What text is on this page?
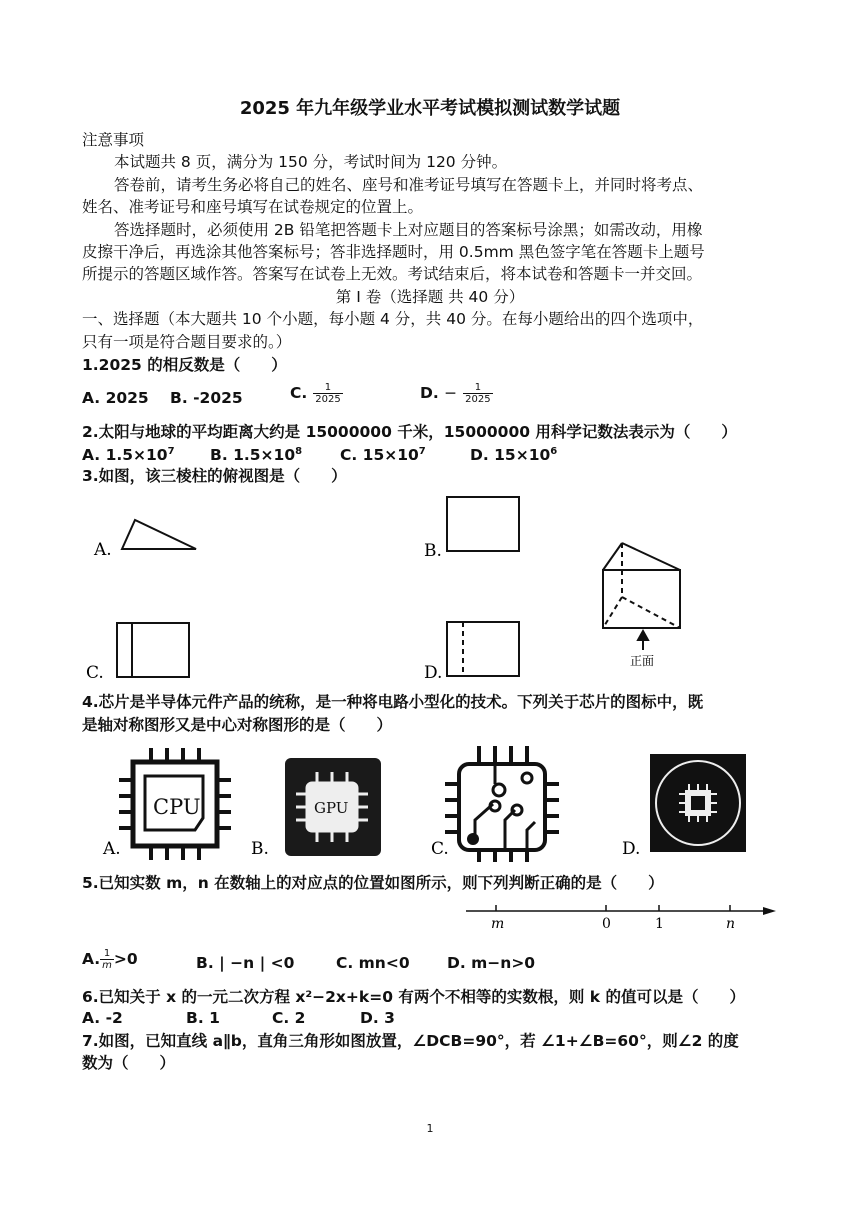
2025 年九年级学业水平考试模拟测试数学试题
注意事项
本试题共 8 页，满分为 150 分，考试时间为 120 分钟。
答卷前，请考生务必将自己的姓名、座号和准考证号填写在答题卡上，并同时将考点、
姓名、准考证号和座号填写在试卷规定的位置上。
答选择题时，必须使用 2B 铅笔把答题卡上对应题目的答案标号涂黑；如需改动，用橡
皮擦干净后，再选涂其他答案标号；答非选择题时，用 0.5mm 黑色签字笔在答题卡上题号
所提示的答题区域作答。答案写在试卷上无效。考试结束后，将本试卷和答题卡一并交回。
第 Ⅰ 卷（选择题 共 40 分）
一、选择题（本大题共 10 个小题，每小题 4 分，共 40 分。在每小题给出的四个选项中，
只有一项是符合题目要求的。）
1.2025 的相反数是（　　）
A. 2025 B. -2025	C. $\frac{1}{2025}$	D. − $\frac{1}{2025}$
2.太阳与地球的平均距离大约是 15000000 千米，15000000 用科学记数法表示为（　　）
A. $1.5\times 10^7$ B. $1.5\times 10^8$ C. $15\times 10^7$	D. $15\times 10^6$
3.如图，该三棱柱的俯视图是（　　）
A.	B.
C.	D.
正面
4.芯片是半导体元件产品的统称，是一种将电路小型化的技术。下列关于芯片的图标中，既
是轴对称图形又是中心对称图形的是（　　）
CPU
A.
GPU
B.	C.	D.
5.已知实数 m，n 在数轴上的对应点的位置如图所示，则下列判断正确的是（　　）
m	0	1	n
A. $\frac{1}{m} >0$	B. | −n | <0	C. mn<0 D. m−n>0
6.已知关于 x 的一元二次方程 x²−2x+k=0 有两个不相等的实数根，则 k 的值可以是（　　）
A. -2	B. 1	C. 2	D. 3
7.如图，已知直线 a∥b，直角三角形如图放置，∠DCB=90°，若 ∠1+∠B=60°，则∠2 的度
数为（　　）
1
